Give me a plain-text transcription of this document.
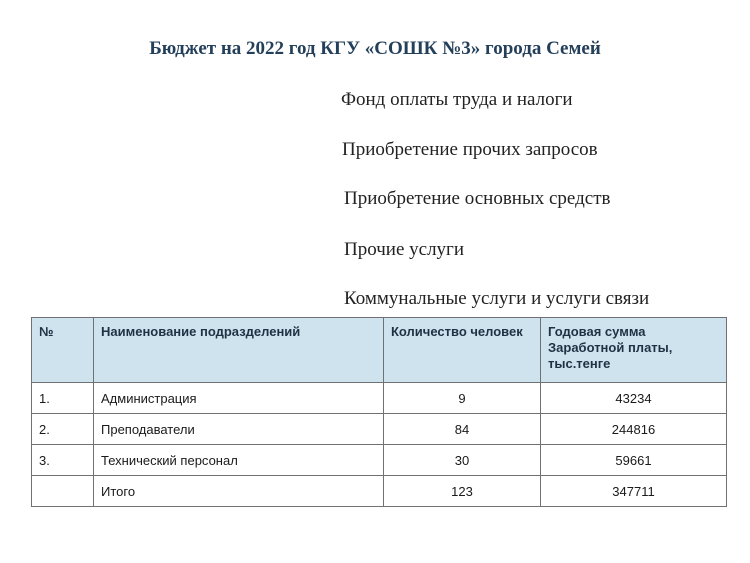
Бюджет на 2022 год КГУ «СОШК №3» города Семей
Фонд оплаты труда и налоги
Приобретение прочих запросов
Приобретение основных средств
Прочие услуги
Коммунальные услуги и услуги связи
№	Наименование подразделений	Количество человек	Годовая сумма Заработной платы, тыс.тенге
1.	Администрация	9	43234
2.	Преподаватели	84	244816
3.	Технический персонал	30	59661
	Итого	123	347711
